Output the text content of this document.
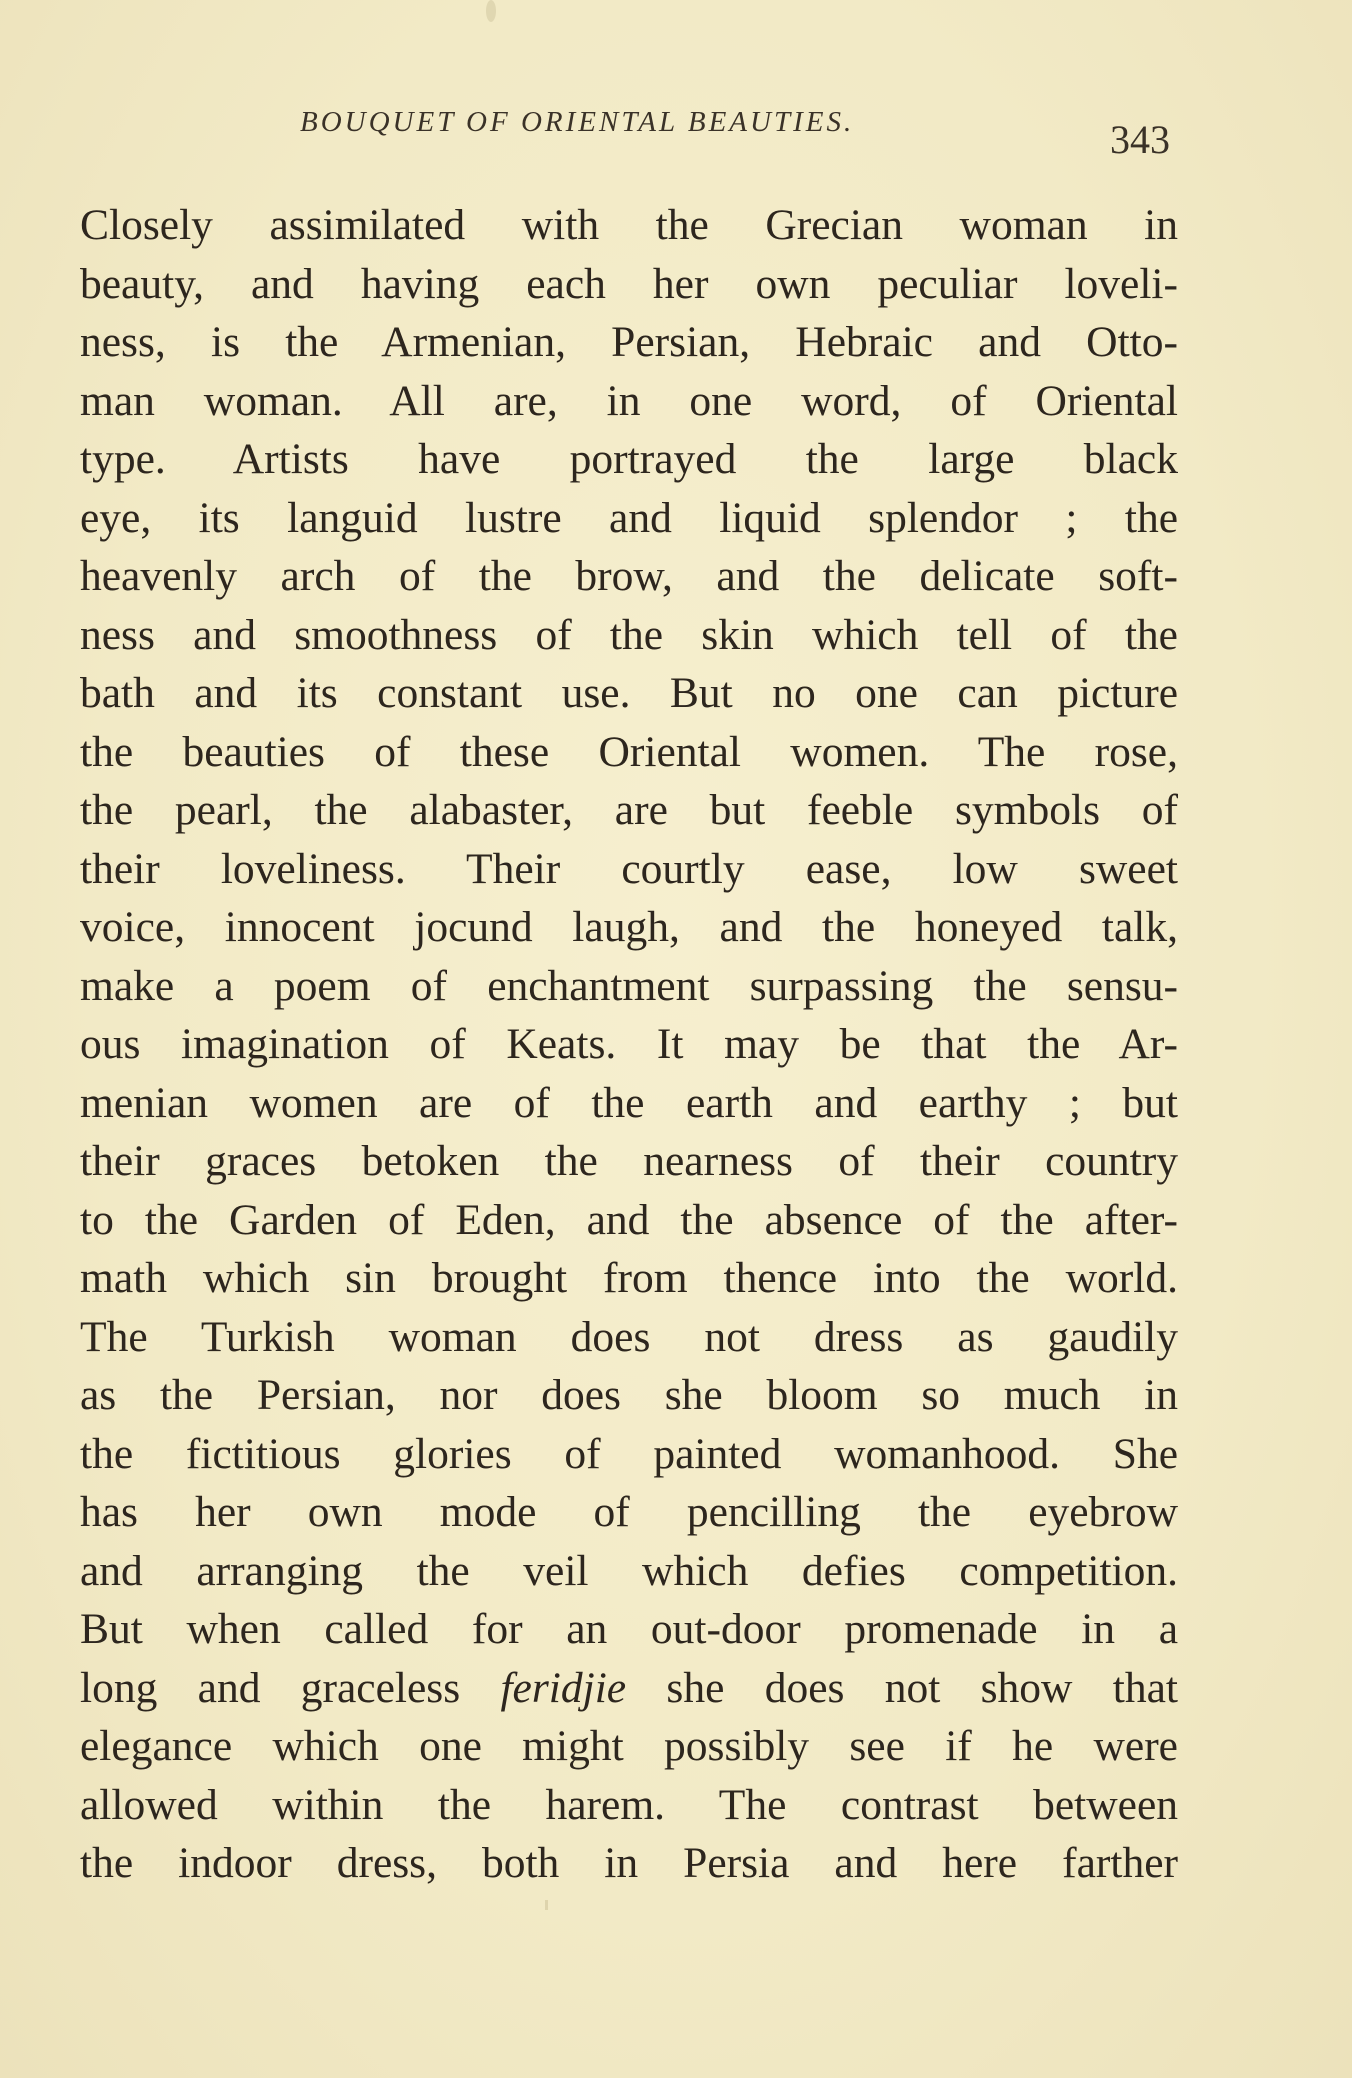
BOUQUET OF ORIENTAL BEAUTIES.	343
Closely assimilated with the Grecian woman in
beauty, and having each her own peculiar loveli-
ness, is the Armenian, Persian, Hebraic and Otto-
man woman. All are, in one word, of Oriental
type. Artists have portrayed the large black
eye, its languid lustre and liquid splendor ; the
heavenly arch of the brow, and the delicate soft-
ness and smoothness of the skin which tell of the
bath and its constant use. But no one can picture
the beauties of these Oriental women. The rose,
the pearl, the alabaster, are but feeble symbols of
their loveliness. Their courtly ease, low sweet
voice, innocent jocund laugh, and the honeyed talk,
make a poem of enchantment surpassing the sensu-
ous imagination of Keats. It may be that the Ar-
menian women are of the earth and earthy ; but
their graces betoken the nearness of their country
to the Garden of Eden, and the absence of the after-
math which sin brought from thence into the world.
The Turkish woman does not dress as gaudily
as the Persian, nor does she bloom so much in
the fictitious glories of painted womanhood. She
has her own mode of pencilling the eyebrow
and arranging the veil which defies competition.
But when called for an out-door promenade in a
long and graceless feridjie she does not show that
elegance which one might possibly see if he were
allowed within the harem. The contrast between
the indoor dress, both in Persia and here farther
